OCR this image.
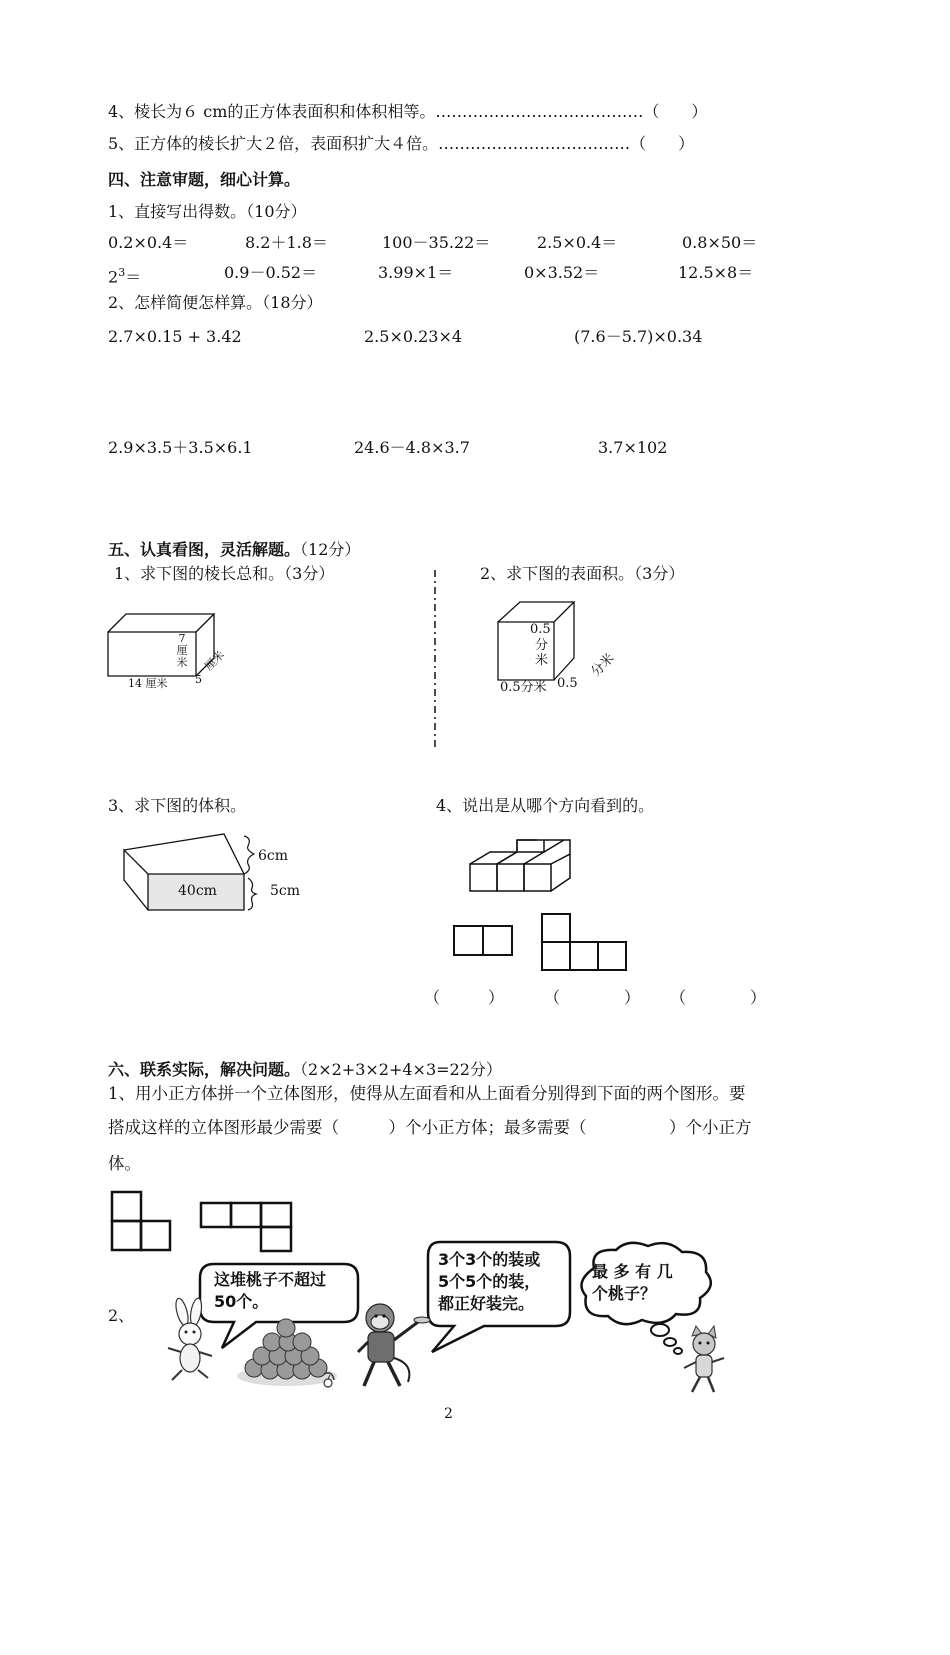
4、棱长为６ cm的正方体表面积和体积相等。…………………………………（　　）
5、正方体的棱长扩大２倍，表面积扩大４倍。………………………………（　　）
四、注意审题，细心计算。
1、直接写出得数。（10分）
0.2×0.4＝	8.2＋1.8＝	100－35.22＝	2.5×0.4＝	0.8×50＝
$2^3=$	0.9－0.52＝	3.99×1＝	0×3.52＝	12.5×8＝
2、怎样简便怎样算。（18分）
2.7×0.15 + 3.42	2.5×0.23×4	(7.6－5.7)×0.34
2.9×3.5＋3.5×6.1	24.6－4.8×3.7	3.7×102
五、认真看图，灵活解题。（12分）
1、求下图的棱长总和。（3分）	2、求下图的表面积。（3分）
7厘米
14 厘米	5
厘米
0.5
分米
0.5分米 0.5
分米
3、求下图的体积。	4、说出是从哪个方向看到的。
6cm
5cm
40cm
（　　　） （　　　　） （　　　　）
六、联系实际，解决问题。（2×2+3×2+4×3=22分）
1、用小正方体拼一个立体图形，使得从左面看和从上面看分别得到下面的两个图形。要
搭成这样的立体图形最少需要（　　　）个小正方体；最多需要（　　　　　）个小正方
体。
2、
这堆桃子不超过
50个。
3个3个的装或
5个5个的装，
都正好装完。
最 多 有 几
个桃子？
2
